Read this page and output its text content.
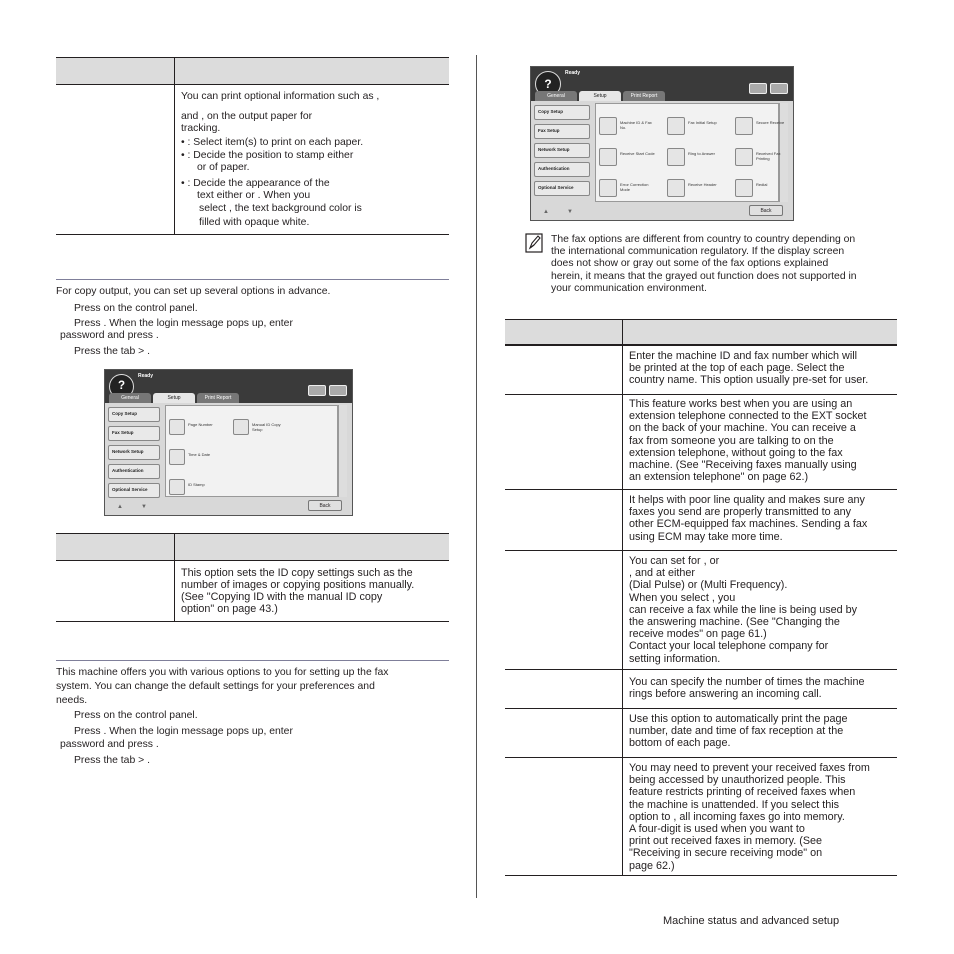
For copy output, you can set up several options in advance.
?
Ready
General	Setup	Print Report
Copy Setup
Fax Setup
Network Setup
Authentication
Optional Service
▲	▼
Page Number	Manual ID Copy Setup
Time & Date
ID Stamp
Back
?
Ready
General	Setup	Print Report
Copy Setup
Fax Setup
Network Setup
Authentication
Optional Service
▲	▼
Machine ID & Fax No.
Fax Initial Setup	Secure Receive
Receive Start Code	Ring to Answer	Received Fax Printing
Error Correction Mode
Receive Header	Redial
Back
Machine status and advanced setup
You can print optional information such as ,
and , on the output paper for
tracking.
• : Select item(s) to print on each paper.
• : Decide the position to stamp either
or of paper.
• : Decide the appearance of the
text either or . When you
select , the text background color is
filled with opaque white.
Press on the control panel.
Press . When the login message pops up, enter
password and press .
Press the tab > .
This option sets the ID copy settings such as the
number of images or copying positions manually.
(See "Copying ID with the manual ID copy
option" on page 43.)
This machine offers you with various options to you for setting up the fax
system. You can change the default settings for your preferences and
needs.
Press on the control panel.
Press . When the login message pops up, enter
password and press .
Press the tab > .
The fax options are different from country to country depending on
the international communication regulatory. If the display screen
does not show or gray out some of the fax options explained
herein, it means that the grayed out function does not supported in
your communication environment.
Enter the machine ID and fax number which will
be printed at the top of each page. Select the
country name. This option usually pre-set for user.
This feature works best when you are using an
extension telephone connected to the EXT socket
on the back of your machine. You can receive a
fax from someone you are talking to on the
extension telephone, without going to the fax
machine. (See "Receiving faxes manually using
an extension telephone" on page 62.)
It helps with poor line quality and makes sure any
faxes you send are properly transmitted to any
other ECM-equipped fax machines. Sending a fax
using ECM may take more time.
You can set for , or
, and at either
(Dial Pulse) or (Multi Frequency).
When you select , you
can receive a fax while the line is being used by
the answering machine. (See "Changing the
receive modes" on page 61.)
Contact your local telephone company for
setting information.
You can specify the number of times the machine
rings before answering an incoming call.
Use this option to automatically print the page
number, date and time of fax reception at the
bottom of each page.
You may need to prevent your received faxes from
being accessed by unauthorized people. This
feature restricts printing of received faxes when
the machine is unattended. If you select this
option to , all incoming faxes go into memory.
A four-digit is used when you want to
print out received faxes in memory. (See
"Receiving in secure receiving mode" on
page 62.)
